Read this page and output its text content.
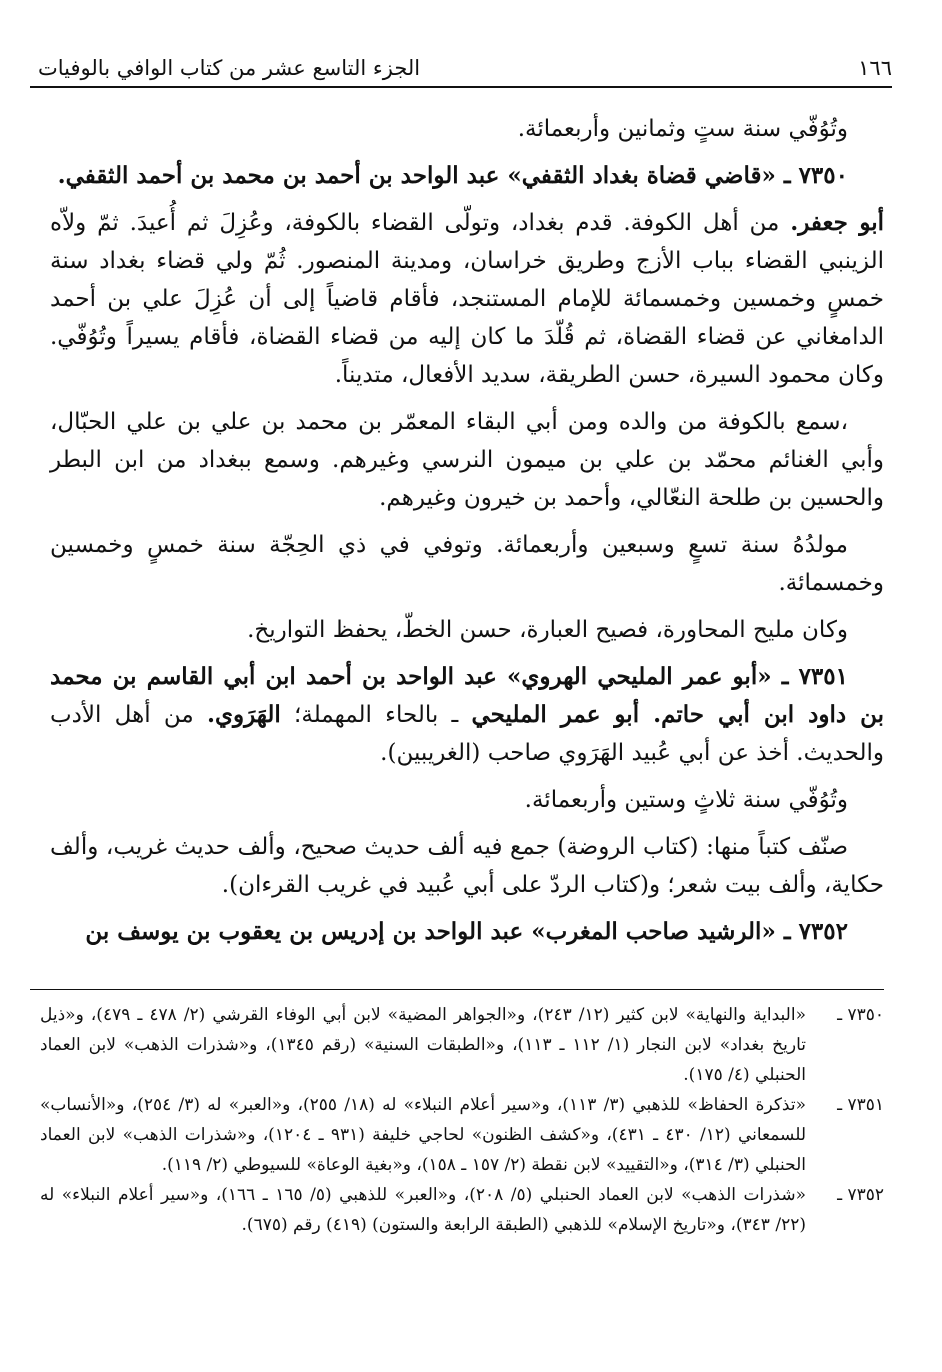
١٦٦
الجزء التاسع عشر من كتاب الوافي بالوفيات

وتُوُفّي سنة ستٍ وثمانين وأربعمائة.

٧٣٥٠ ـ «قاضي قضاة بغداد الثقفي» عبد الواحد بن أحمد بن محمد بن أحمد الثقفي.

أبو جعفر. من أهل الكوفة. قدم بغداد، وتولّى القضاء بالكوفة، وعُزِلَ ثم أُعيدَ. ثمّ ولاّه الزينبي القضاء بباب الأزج وطريق خراسان، ومدينة المنصور. ثُمّ ولي قضاء بغداد سنة خمسٍ وخمسين وخمسمائة للإمام المستنجد، فأقام قاضياً إلى أن عُزِلَ علي بن أحمد الدامغاني عن قضاء القضاة، ثم قُلّدَ ما كان إليه من قضاء القضاة، فأقام يسيراً وتُوُفّي. وكان محمود السيرة، حسن الطريقة، سديد الأفعال، متديناً.

،سمع بالكوفة من والده ومن أبي البقاء المعمّر بن محمد بن علي بن علي الحبّال، وأبي الغنائم محمّد بن علي بن ميمون النرسي وغيرهم. وسمع ببغداد من ابن البطر والحسين بن طلحة النعّالي، وأحمد بن خيرون وغيرهم.

مولدُهُ سنة تسعٍ وسبعين وأربعمائة. وتوفي في ذي الحِجّة سنة خمسٍ وخمسين وخمسمائة.

وكان مليح المحاورة، فصيح العبارة، حسن الخطّ، يحفظ التواريخ.

٧٣٥١ ـ «أبو عمر المليحي الهروي» عبد الواحد بن أحمد ابن أبي القاسم بن محمد بن داود ابن أبي حاتم. أبو عمر المليحي ـ بالحاء المهملة؛ الهَرَوي. من أهل الأدب والحديث. أخذ عن أبي عُبيد الهَرَوي صاحب (الغريبين).

وتُوُفّي سنة ثلاثٍ وستين وأربعمائة.

صنّف كتباً منها: (كتاب الروضة) جمع فيه ألف حديث صحيح، وألف حديث غريب، وألف حكاية، وألف بيت شعر؛ و(كتاب الردّ على أبي عُبيد في غريب القرءان).

٧٣٥٢ ـ «الرشيد صاحب المغرب» عبد الواحد بن إدريس بن يعقوب بن يوسف بن

٧٣٥٠ ـ
«البداية والنهاية» لابن كثير (١٢/ ٢٤٣)، و«الجواهر المضية» لابن أبي الوفاء القرشي (٢/ ٤٧٨ ـ ٤٧٩)، و«ذيل تاريخ بغداد» لابن النجار (١/ ١١٢ ـ ١١٣)، و«الطبقات السنية» (رقم ١٣٤٥)، و«شذرات الذهب» لابن العماد الحنبلي (٤/ ١٧٥).
٧٣٥١ ـ
«تذكرة الحفاظ» للذهبي (٣/ ١١٣)، و«سير أعلام النبلاء» له (١٨/ ٢٥٥)، و«العبر» له (٣/ ٢٥٤)، و«الأنساب» للسمعاني (١٢/ ٤٣٠ ـ ٤٣١)، و«كشف الظنون» لحاجي خليفة (٩٣١ ـ ١٢٠٤)، و«شذرات الذهب» لابن العماد الحنبلي (٣/ ٣١٤)، و«التقييد» لابن نقطة (٢/ ١٥٧ ـ ١٥٨)، و«بغية الوعاة» للسيوطي (٢/ ١١٩).
٧٣٥٢ ـ
«شذرات الذهب» لابن العماد الحنبلي (٥/ ٢٠٨)، و«العبر» للذهبي (٥/ ١٦٥ ـ ١٦٦)، و«سير أعلام النبلاء» له (٢٢/ ٣٤٣)، و«تاريخ الإسلام» للذهبي (الطبقة الرابعة والستون) (٤١٩) رقم (٦٧٥).
